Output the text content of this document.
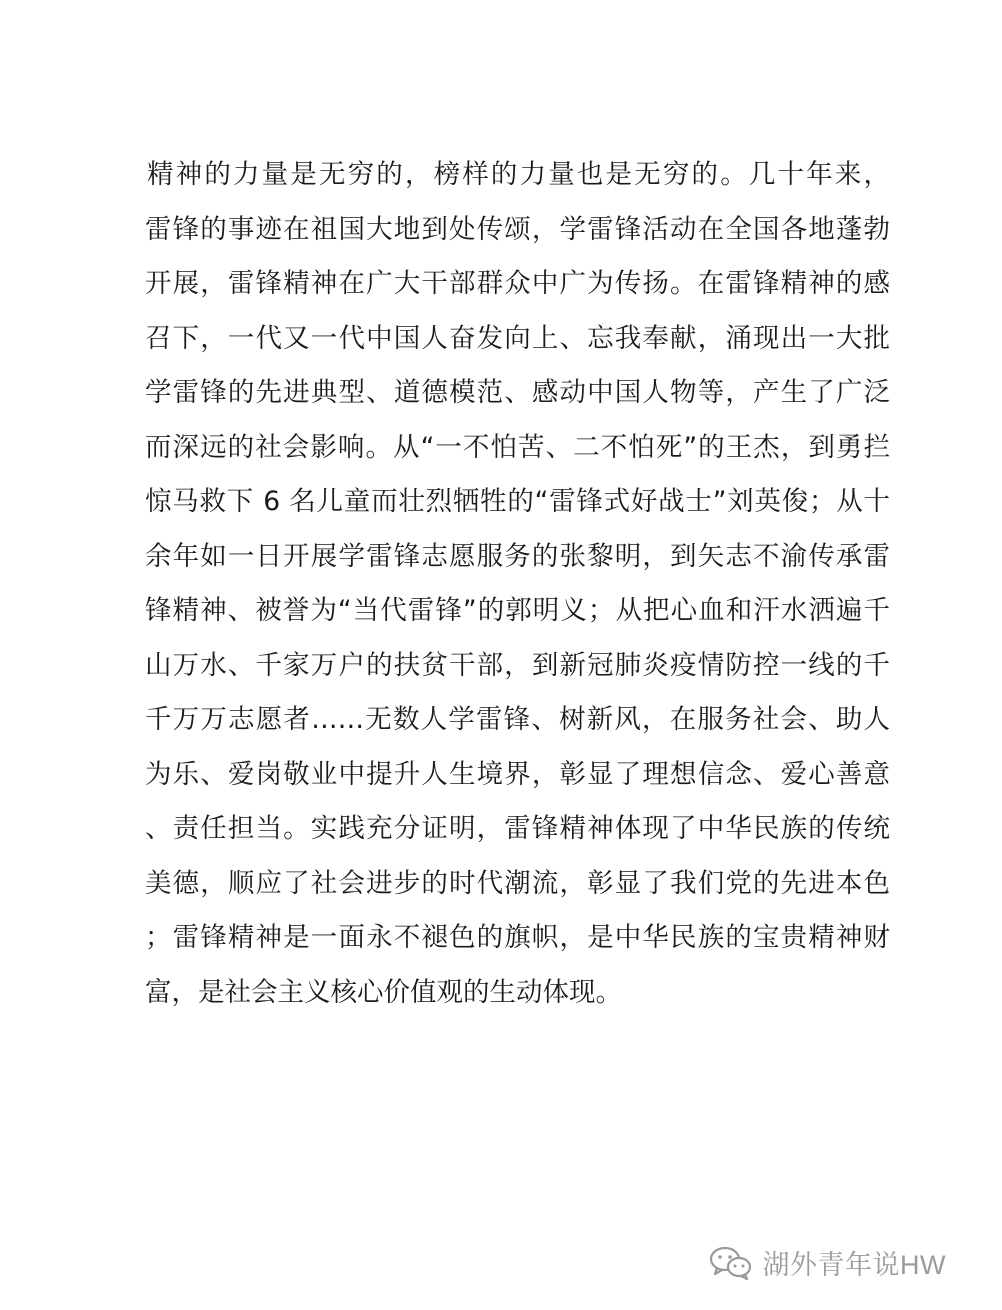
精神的力量是无穷的，榜样的力量也是无穷的。几十年来，
雷锋的事迹在祖国大地到处传颂，学雷锋活动在全国各地蓬勃
开展，雷锋精神在广大干部群众中广为传扬。在雷锋精神的感
召下，一代又一代中国人奋发向上、忘我奉献，涌现出一大批
学雷锋的先进典型、道德模范、感动中国人物等，产生了广泛
而深远的社会影响。从“一不怕苦、二不怕死”的王杰，到勇拦
惊马救下 6 名儿童而壮烈牺牲的“雷锋式好战士”刘英俊；从十
余年如一日开展学雷锋志愿服务的张黎明，到矢志不渝传承雷
锋精神、被誉为“当代雷锋”的郭明义；从把心血和汗水洒遍千
山万水、千家万户的扶贫干部，到新冠肺炎疫情防控一线的千
千万万志愿者……无数人学雷锋、树新风，在服务社会、助人
为乐、爱岗敬业中提升人生境界，彰显了理想信念、爱心善意
、责任担当。实践充分证明，雷锋精神体现了中华民族的传统
美德，顺应了社会进步的时代潮流，彰显了我们党的先进本色
；雷锋精神是一面永不褪色的旗帜，是中华民族的宝贵精神财
富，是社会主义核心价值观的生动体现。
湖外青年说HW
